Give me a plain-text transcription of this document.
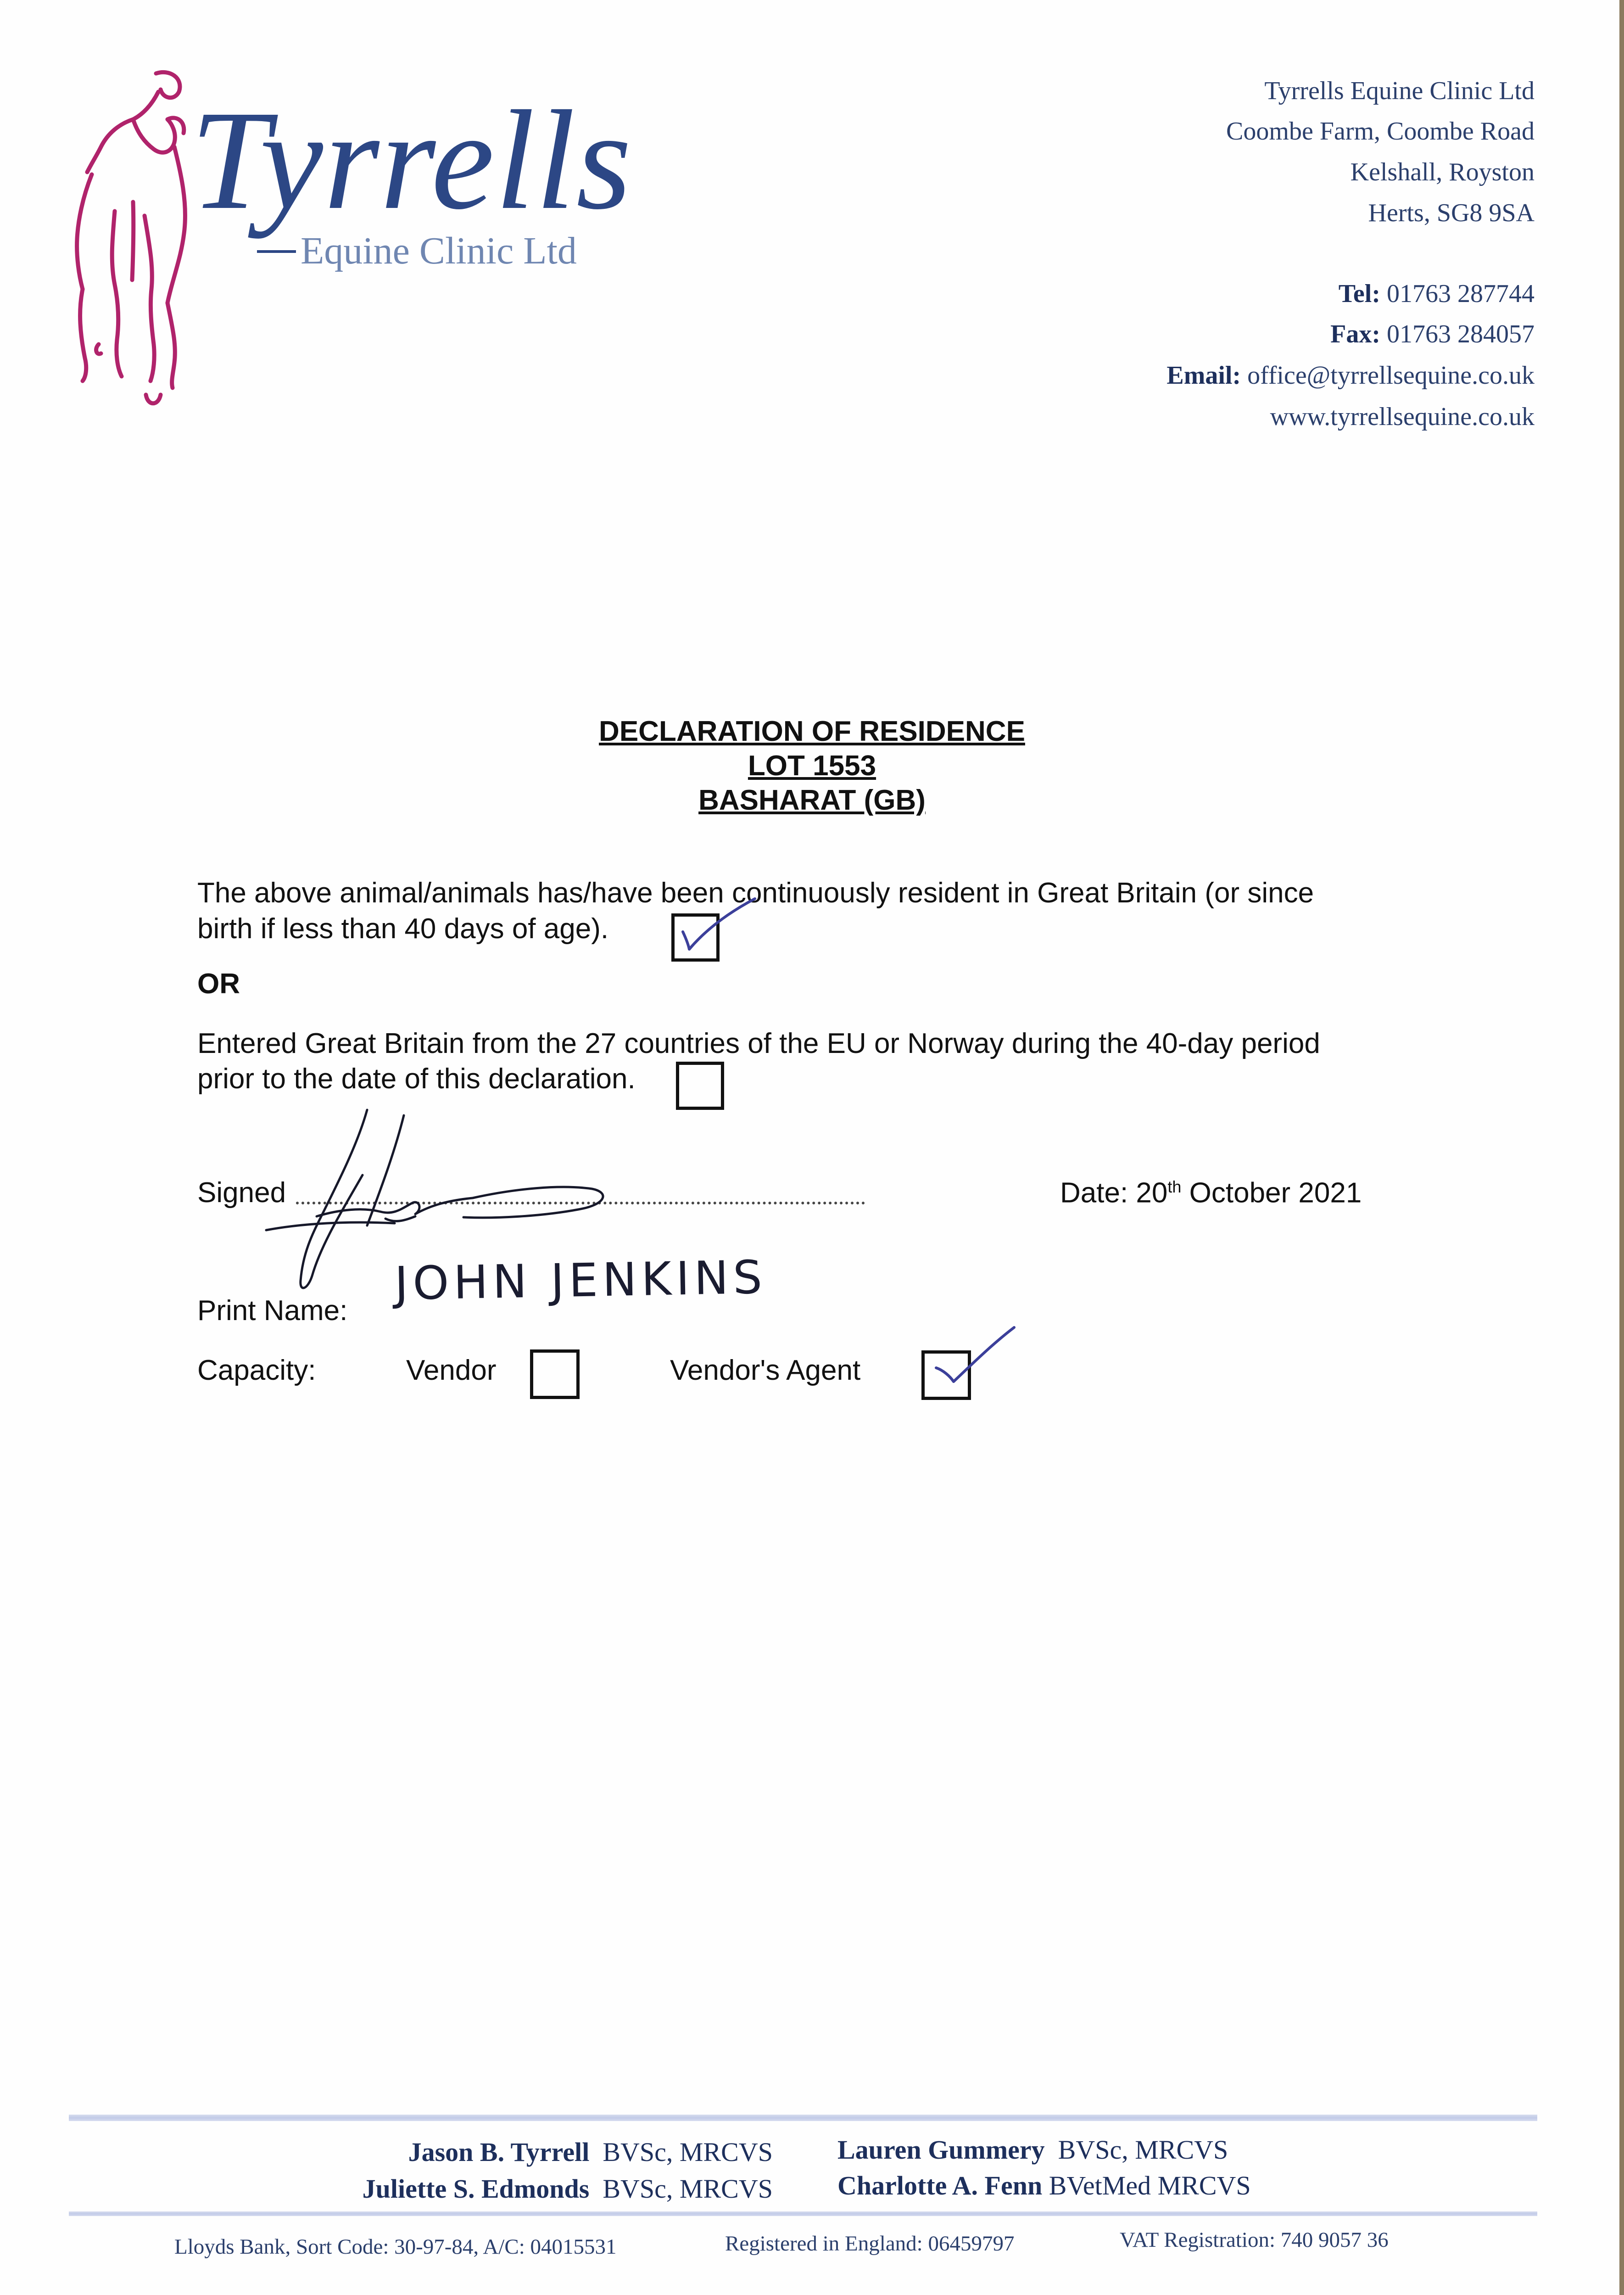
Tyrrells
Equine Clinic Ltd
Tyrrells Equine Clinic Ltd
Coombe Farm, Coombe Road
Kelshall, Royston
Herts, SG8 9SA
Tel: 01763 287744
Fax: 01763 284057
Email: office@tyrrellsequine.co.uk
www.tyrrellsequine.co.uk
DECLARATION OF RESIDENCE
LOT 1553
BASHARAT (GB)
The above animal/animals has/have been continuously resident in Great Britain (or since
birth if less than 40 days of age).
OR
Entered Great Britain from the 27 countries of the EU or Norway during the 40-day period
prior to the date of this declaration.
Signed	Date: 20th October 2021
Print Name:
JOHN JENKINS
Capacity:	Vendor	Vendor's Agent
Jason B. Tyrrell BVSc, MRCVS
Juliette S. Edmonds BVSc, MRCVS
Lauren Gummery BVSc, MRCVS
Charlotte A. Fenn BVetMed MRCVS
Lloyds Bank, Sort Code: 30-97-84, A/C: 04015531	Registered in England: 06459797	VAT Registration: 740 9057 36
